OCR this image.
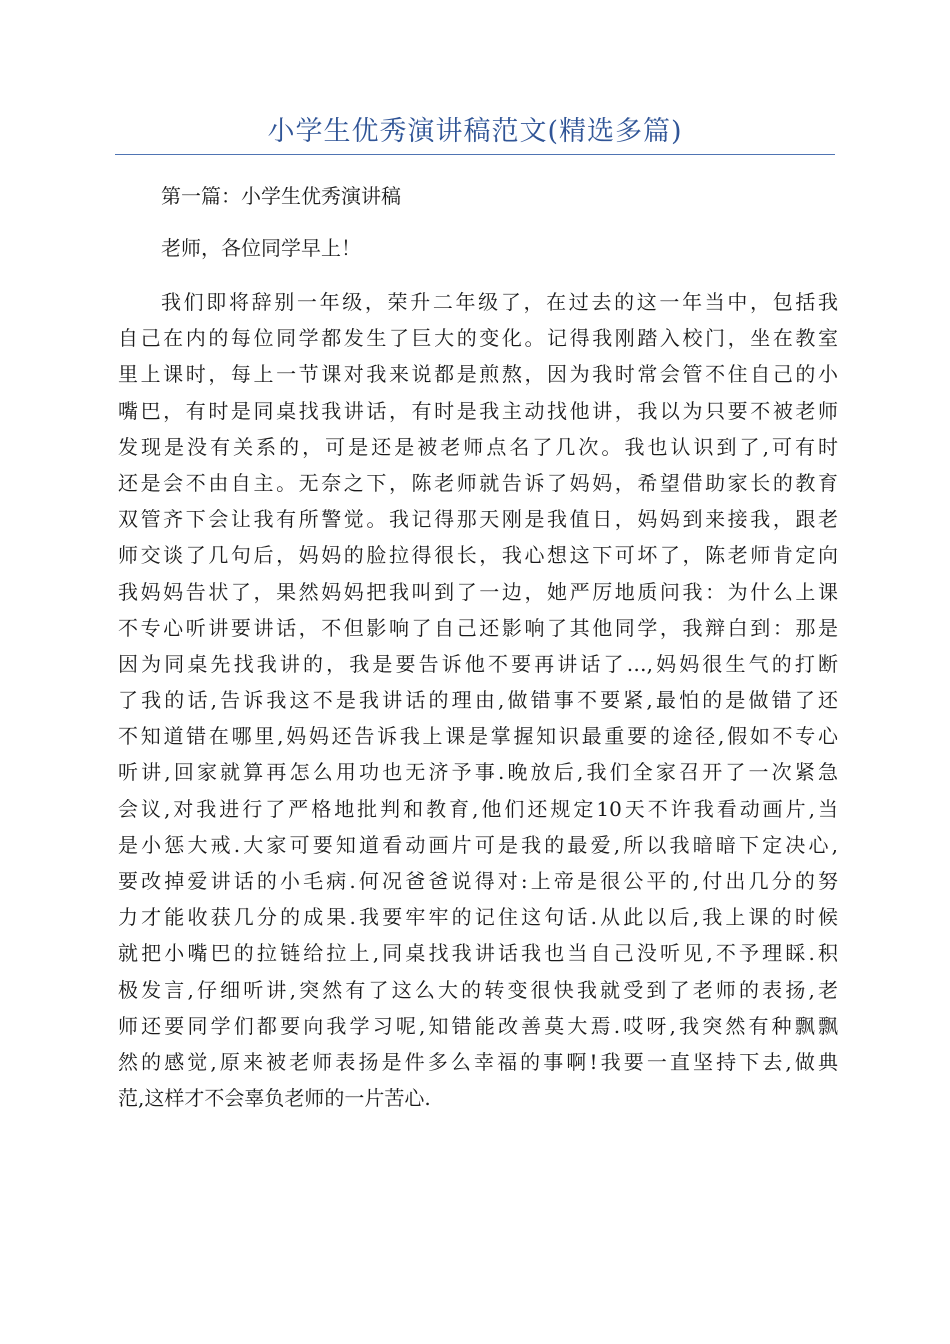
小学生优秀演讲稿范文(精选多篇)

第一篇：小学生优秀演讲稿

老师，各位同学早上！

我们即将辞别一年级，荣升二年级了，在过去的这一年当中，包括我
自己在内的每位同学都发生了巨大的变化。记得我刚踏入校门，坐在教室
里上课时，每上一节课对我来说都是煎熬，因为我时常会管不住自己的小
嘴巴，有时是同桌找我讲话，有时是我主动找他讲，我以为只要不被老师
发现是没有关系的，可是还是被老师点名了几次。我也认识到了,可有时
还是会不由自主。无奈之下，陈老师就告诉了妈妈，希望借助家长的教育
双管齐下会让我有所警觉。我记得那天刚是我值日，妈妈到来接我，跟老
师交谈了几句后，妈妈的脸拉得很长，我心想这下可坏了，陈老师肯定向
我妈妈告状了，果然妈妈把我叫到了一边，她严厉地质问我：为什么上课
不专心听讲要讲话，不但影响了自己还影响了其他同学，我辩白到：那是
因为同桌先找我讲的，我是要告诉他不要再讲话了…,妈妈很生气的打断
了我的话,告诉我这不是我讲话的理由,做错事不要紧,最怕的是做错了还
不知道错在哪里,妈妈还告诉我上课是掌握知识最重要的途径,假如不专心
听讲,回家就算再怎么用功也无济予事.晚放后,我们全家召开了一次紧急
会议,对我进行了严格地批判和教育,他们还规定10天不许我看动画片,当
是小惩大戒.大家可要知道看动画片可是我的最爱,所以我暗暗下定决心,
要改掉爱讲话的小毛病.何况爸爸说得对:上帝是很公平的,付出几分的努
力才能收获几分的成果.我要牢牢的记住这句话.从此以后,我上课的时候
就把小嘴巴的拉链给拉上,同桌找我讲话我也当自己没听见,不予理睬.积
极发言,仔细听讲,突然有了这么大的转变很快我就受到了老师的表扬,老
师还要同学们都要向我学习呢,知错能改善莫大焉.哎呀,我突然有种飘飘
然的感觉,原来被老师表扬是件多么幸福的事啊!我要一直坚持下去,做典
范,这样才不会辜负老师的一片苦心.
